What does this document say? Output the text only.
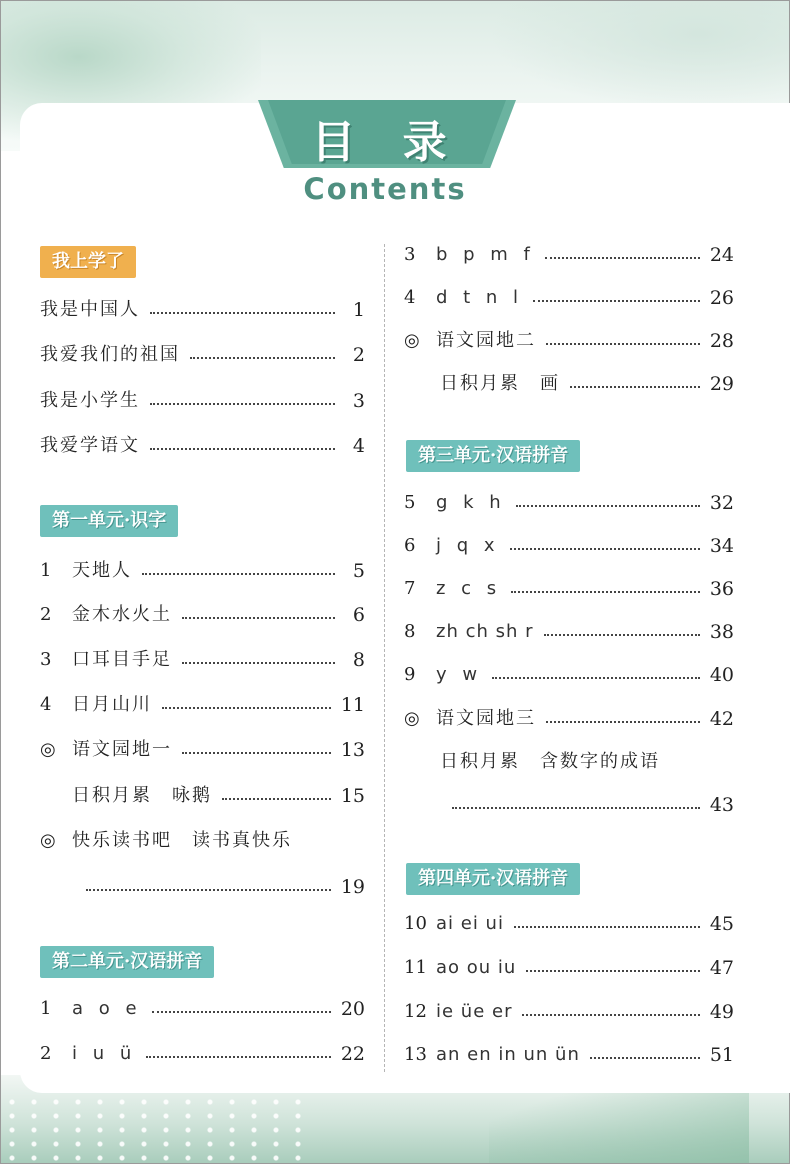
目 录
Contents
我上学了
我是中国人	1
我爱我们的祖国	2
我是小学生	3
我爱学语文	4
第一单元·识字
1	天地人	5
2	金木水火土	6
3	口耳目手足	8
4	日月山川	11
◎ 语文园地一	13
日积月累　咏鹅	15
◎ 快乐读书吧　读书真快乐
19
第二单元·汉语拼音
1	a o e	20
2	i u ü	22
3	b p m f	24
4	d t n l	26
◎ 语文园地二	28
日积月累　画	29
第三单元·汉语拼音
5	g k h	32
6	j q x	34
7	z c s	36
8	zh ch sh r	38
9	y w	40
◎ 语文园地三	42
日积月累　含数字的成语
43
第四单元·汉语拼音
10 ai ei ui	45
11 ao ou iu	47
12 ie üe er	49
13 an en in un ün	51
